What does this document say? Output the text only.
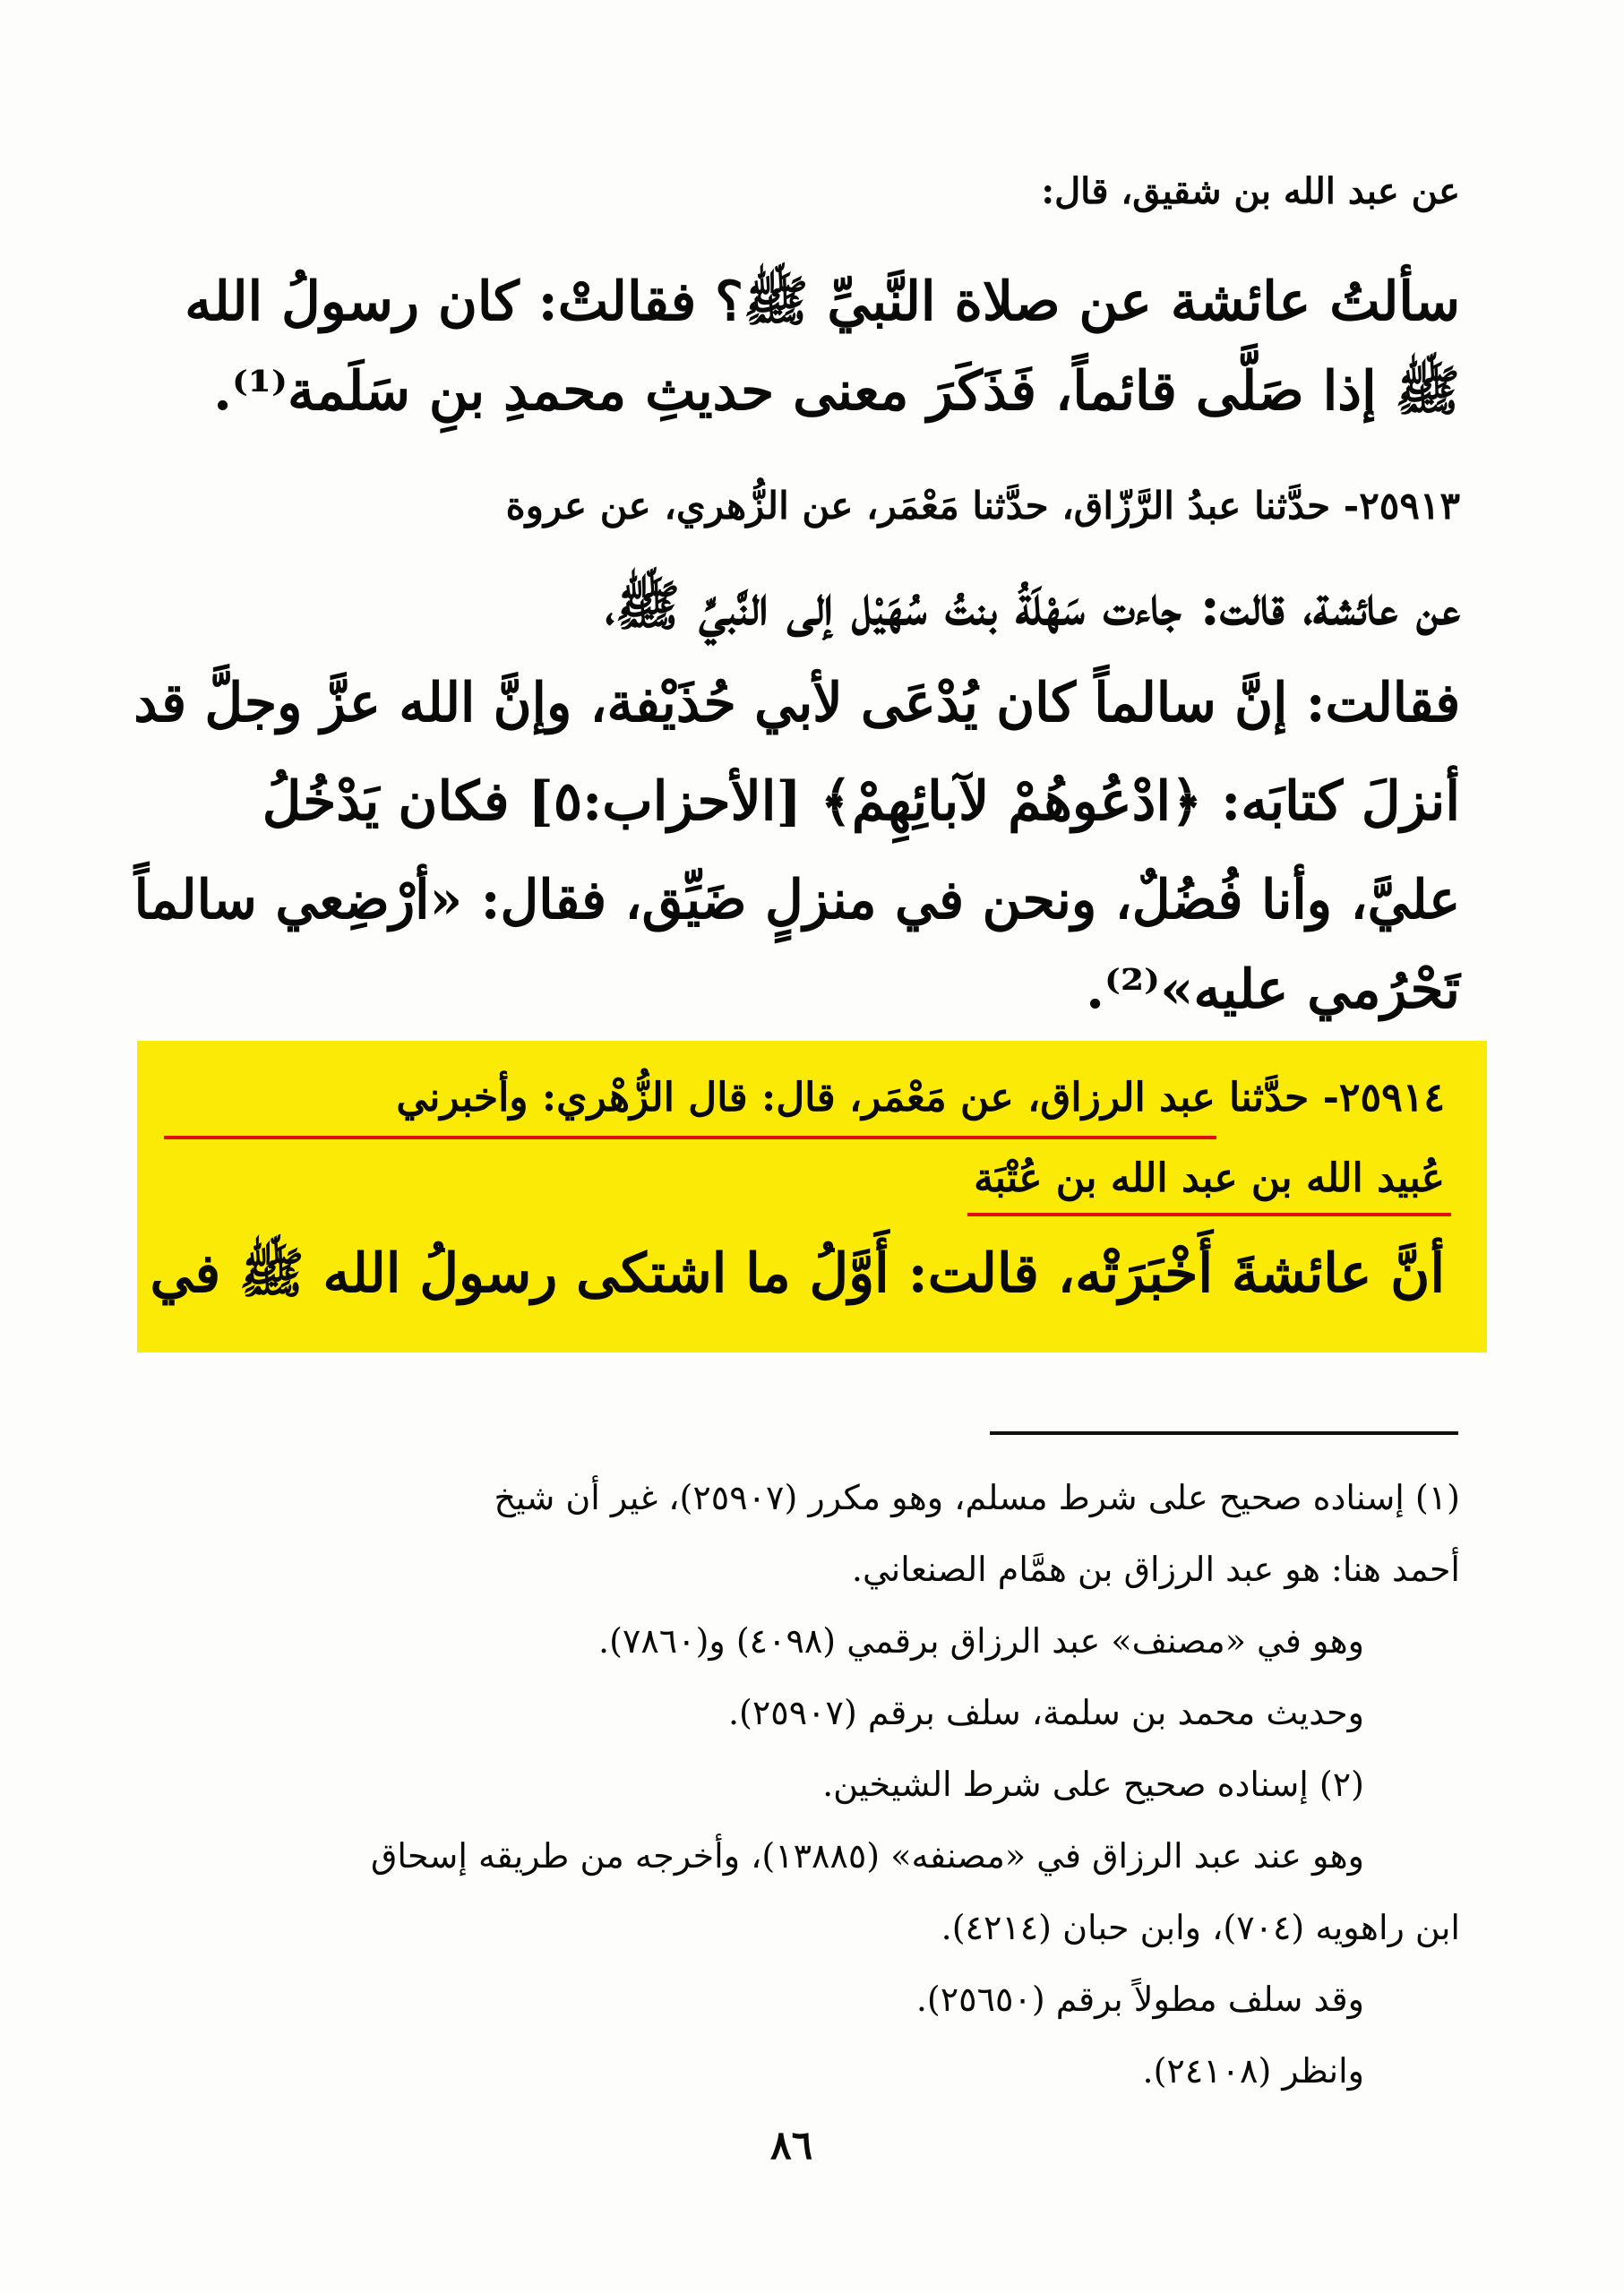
عن عبد الله بن شقيق، قال:
سألتُ عائشة عن صلاة النَّبيِّ ﷺ؟ فقالتْ: كان رسولُ الله
ﷺ إذا صَلَّى قائماً، فَذَكَرَ معنى حديثِ محمدِ بنِ سَلَمة⁽¹⁾.
٢٥٩١٣- حدَّثنا عبدُ الرَّزّاق، حدَّثنا مَعْمَر، عن الزُّهري، عن عروة
عن عائشة، قالت: جاءت سَهْلَةُ بنتُ سُهَيْل إلى النَّبيِّ ﷺ،
فقالت: إنَّ سالماً كان يُدْعَى لأبي حُذَيْفة، وإنَّ الله عزَّ وجلَّ قد
أنزلَ كتابَه: ﴿ادْعُوهُمْ لآبائِهِمْ﴾ [الأحزاب:٥] فكان يَدْخُلُ
عليَّ، وأنا فُضُلٌ، ونحن في منزلٍ ضَيِّق، فقال: «أرْضِعي سالماً
تَحْرُمي عليه»⁽²⁾.
٢٥٩١٤- حدَّثنا عبد الرزاق، عن مَعْمَر، قال: قال الزُّهْري: وأخبرني
عُبيد الله بن عبد الله بن عُتْبَة
أنَّ عائشةَ أَخْبَرَتْه، قالت: أَوَّلُ ما اشتكى رسولُ الله ﷺ في
(١) إسناده صحيح على شرط مسلم، وهو مكرر (٢٥٩٠٧)، غير أن شيخ
أحمد هنا: هو عبد الرزاق بن همَّام الصنعاني.
وهو في «مصنف» عبد الرزاق برقمي (٤٠٩٨) و(٧٨٦٠).
وحديث محمد بن سلمة، سلف برقم (٢٥٩٠٧).
(٢) إسناده صحيح على شرط الشيخين.
وهو عند عبد الرزاق في «مصنفه» (١٣٨٨٥)، وأخرجه من طريقه إسحاق
ابن راهويه (٧٠٤)، وابن حبان (٤٢١٤).
وقد سلف مطولاً برقم (٢٥٦٥٠).
وانظر (٢٤١٠٨).
٨٦
